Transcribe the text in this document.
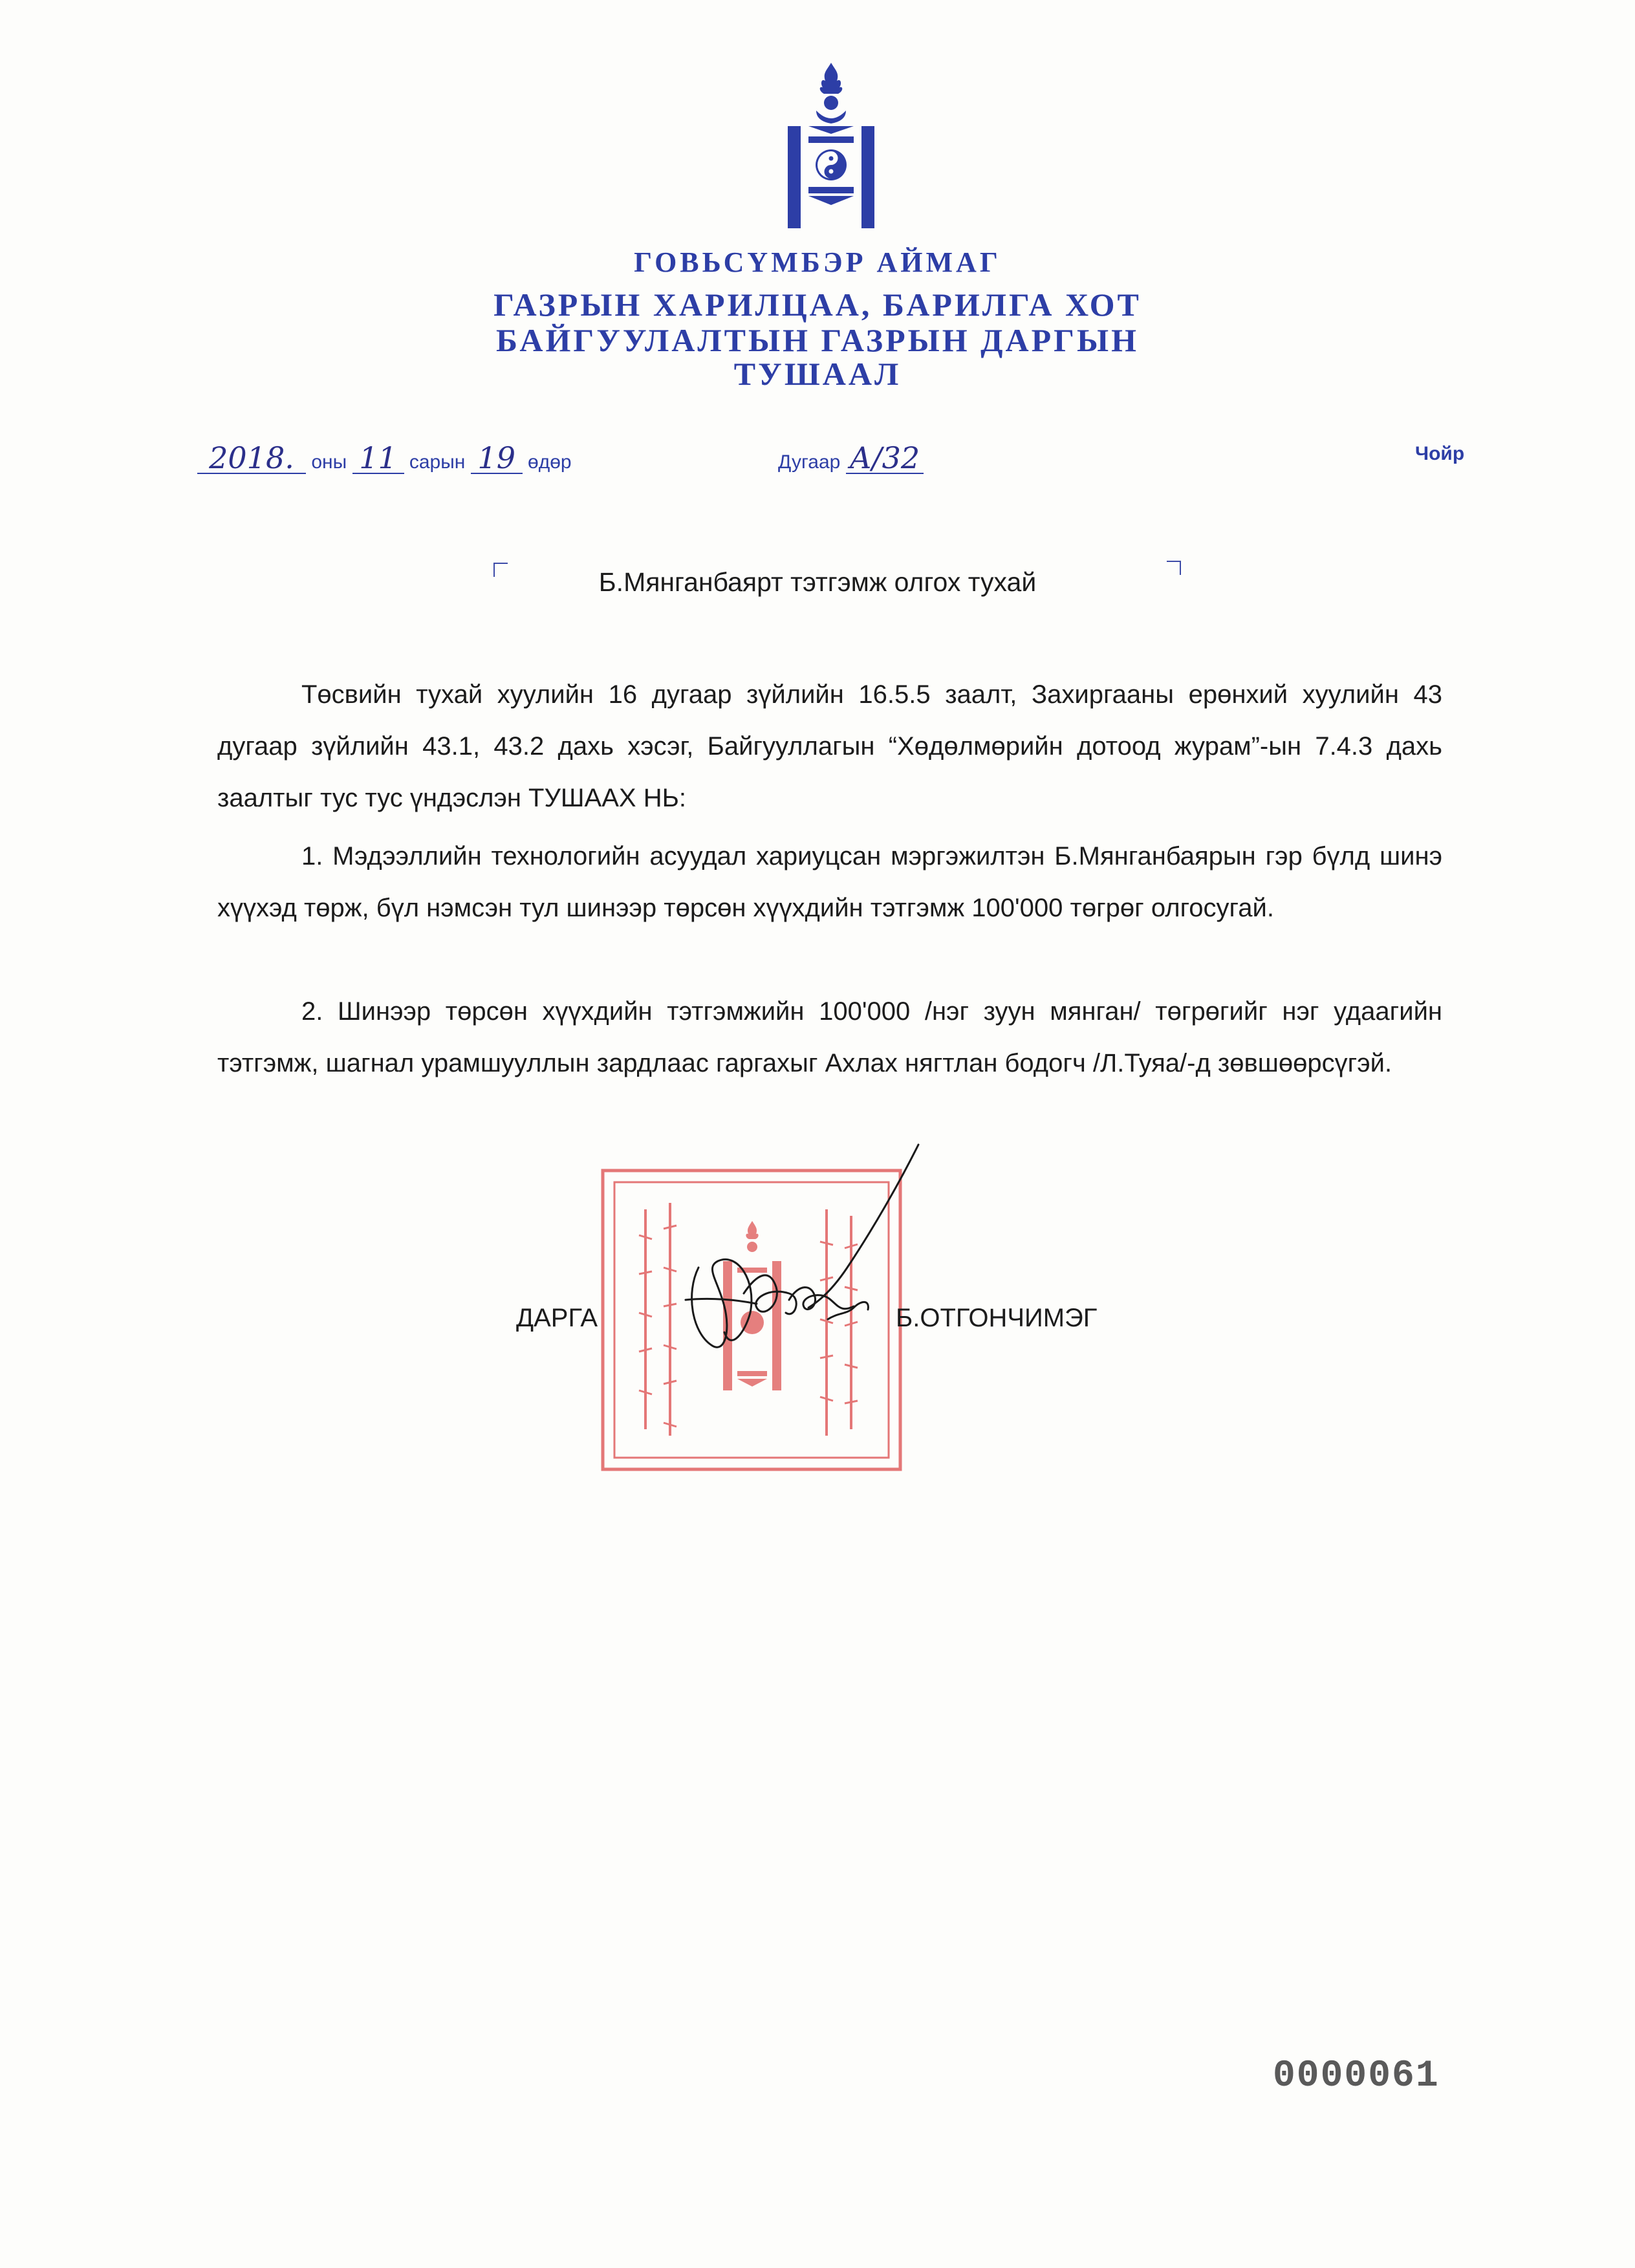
ГОВЬСҮМБЭР АЙМАГ
ГАЗРЫН ХАРИЛЦАА, БАРИЛГА ХОТ
БАЙГУУЛАЛТЫН ГАЗРЫН ДАРГЫН
ТУШААЛ
2018. оны 11 сарын 19 өдөр	Дугаар А/32	Чойр
Б.Мянганбаярт тэтгэмж олгох тухай
Төсвийн тухай хуулийн 16 дугаар зүйлийн 16.5.5 заалт, Захиргааны ерөнхий хуулийн 43 дугаар зүйлийн 43.1, 43.2 дахь хэсэг, Байгууллагын “Хөдөлмөрийн дотоод журам”-ын 7.4.3 дахь заалтыг тус тус үндэслэн ТУШААХ НЬ:
1. Мэдээллийн технологийн асуудал хариуцсан мэргэжилтэн Б.Мянганбаярын гэр бүлд шинэ хүүхэд төрж, бүл нэмсэн тул шинээр төрсөн хүүхдийн тэтгэмж 100'000 төгрөг олгосугай.
2. Шинээр төрсөн хүүхдийн тэтгэмжийн 100'000 /нэг зуун мянган/ төгрөгийг нэг удаагийн тэтгэмж, шагнал урамшууллын зардлаас гаргахыг Ахлах нягтлан бодогч /Л.Туяа/-д зөвшөөрсүгэй.
ДАРГА	Б.ОТГОНЧИМЭГ
0000061
